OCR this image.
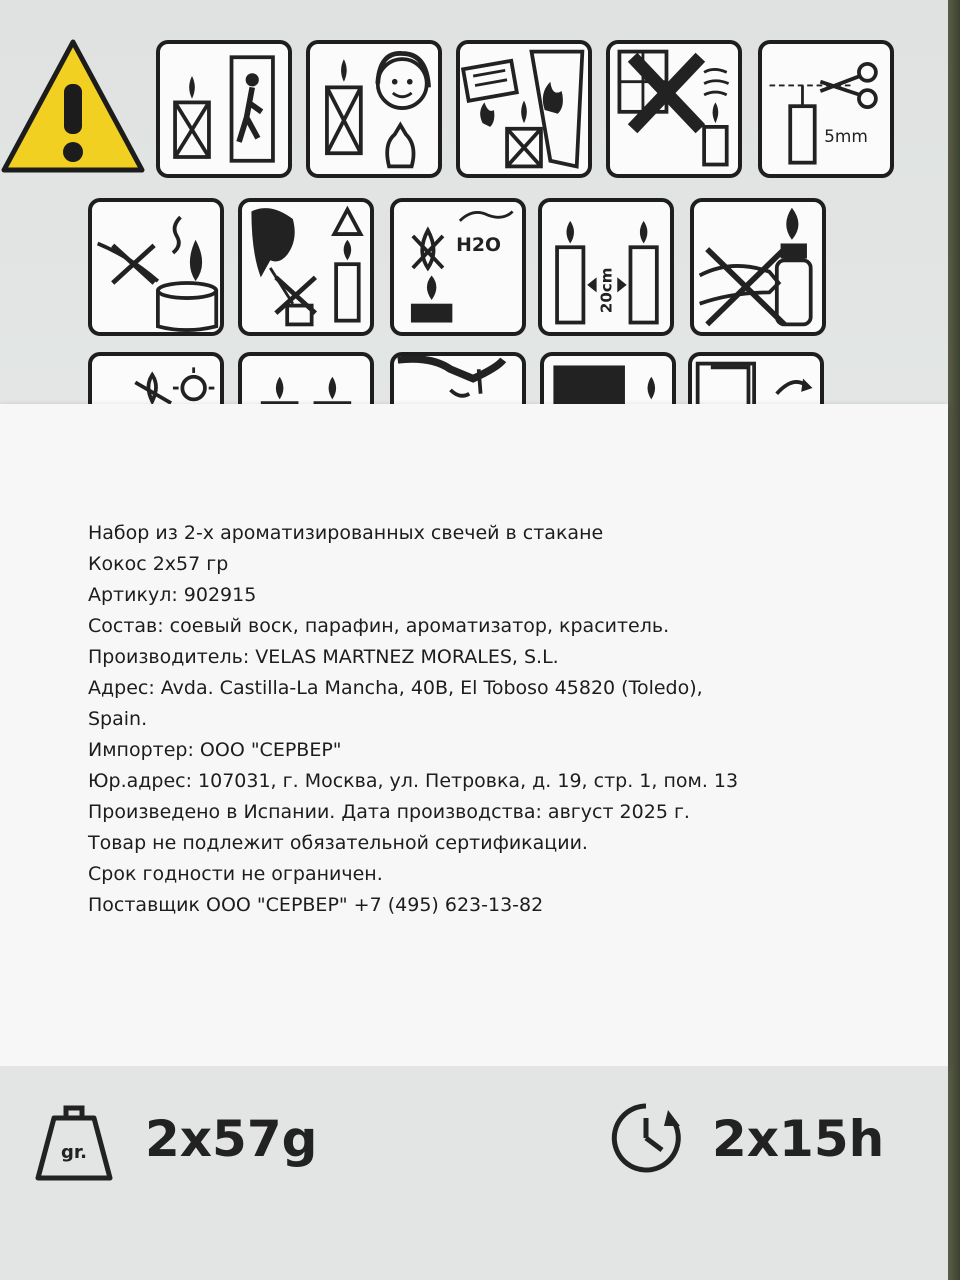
5mm
H2O
20cm
Набор из 2-х ароматизированных свечей в стакане
Кокос 2х57 гр
Артикул: 902915
Состав: соевый воск, парафин, ароматизатор, краситель.
Производитель: VELAS MARTNEZ MORALES, S.L.
Адрес: Avda. Castilla-La Mancha, 40B, El Toboso 45820 (Toledo),
Spain.
Импортер: ООО "СЕРВЕР"
Юр.адрес: 107031, г. Москва, ул. Петровка, д. 19, стр. 1, пом. 13
Произведено в Испании. Дата производства: август 2025 г.
Товар не подлежит обязательной сертификации.
Срок годности не ограничен.
Поставщик ООО "СЕРВЕР" +7 (495) 623-13-82
gr. 2x57g	2x15h
